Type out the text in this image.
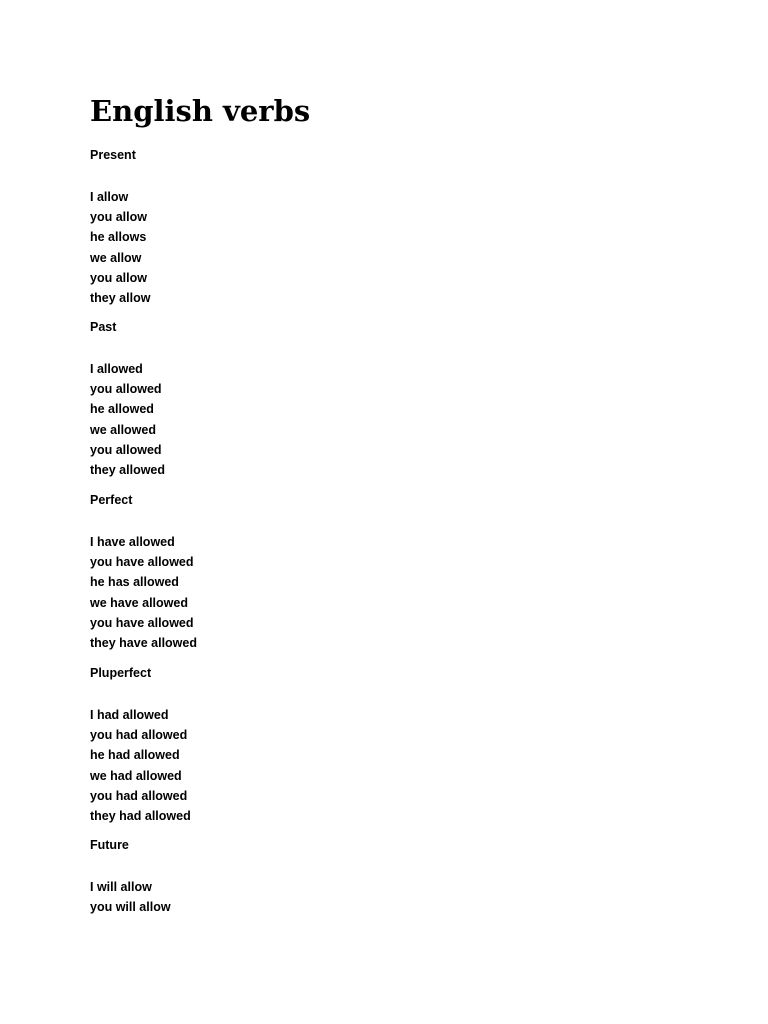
English verbs
Present
I allow
you allow
he allows
we allow
you allow
they allow
Past
I allowed
you allowed
he allowed
we allowed
you allowed
they allowed
Perfect
I have allowed
you have allowed
he has allowed
we have allowed
you have allowed
they have allowed
Pluperfect
I had allowed
you had allowed
he had allowed
we had allowed
you had allowed
they had allowed
Future
I will allow
you will allow
